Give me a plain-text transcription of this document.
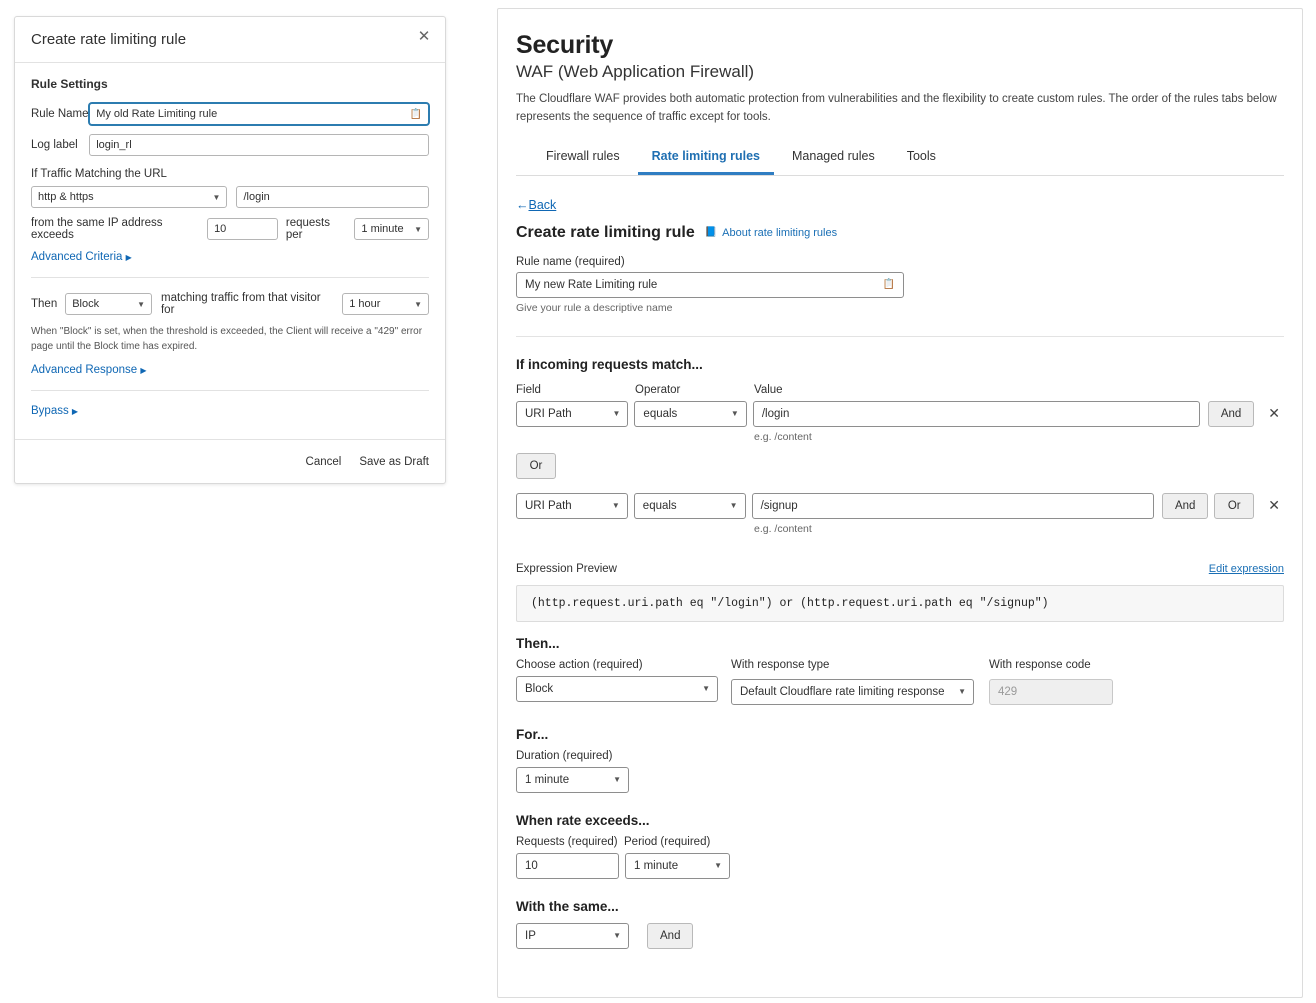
Create rate limiting rule	✕
Rule Settings
Rule Name My old Rate Limiting rule	📋
Log label	login_rl
If Traffic Matching the URL
http & https	▼ /login
from the same IP address exceeds	10	requests per	1 minute ▼
Advanced Criteria ▶
Then Block	▼ matching traffic from that visitor for	1 hour	▼
When "Block" is set, when the threshold is exceeded, the Client will receive a "429" error page until the Block time has expired.
Advanced Response ▶
Bypass ▶
Cancel Save as Draft
Security
WAF (Web Application Firewall)
The Cloudflare WAF provides both automatic protection from vulnerabilities and the flexibility to create custom rules. The order of the rules tabs below represents the sequence of traffic except for tools.
Firewall rules	Rate limiting rules	Managed rules	Tools
←Back
Create rate limiting rule 📘 About rate limiting rules
Rule name (required)
My new Rate Limiting rule	📋
Give your rule a descriptive name
If incoming requests match...
Field	Operator	Value
URI Path	▼ equals	▼ /login	And	✕
e.g. /content
Or
URI Path	▼ equals	▼ /signup	And	Or	✕
e.g. /content
Expression Preview	Edit expression
(http.request.uri.path eq "/login") or (http.request.uri.path eq "/signup")
Then...
Choose action (required)
Block	▼
With response type
Default Cloudflare rate limiting response ▼
With response code
429
For...
Duration (required)
1 minute	▼
When rate exceeds...
Requests (required) Period (required)
10	1 minute	▼
With the same...
IP	▼	And
